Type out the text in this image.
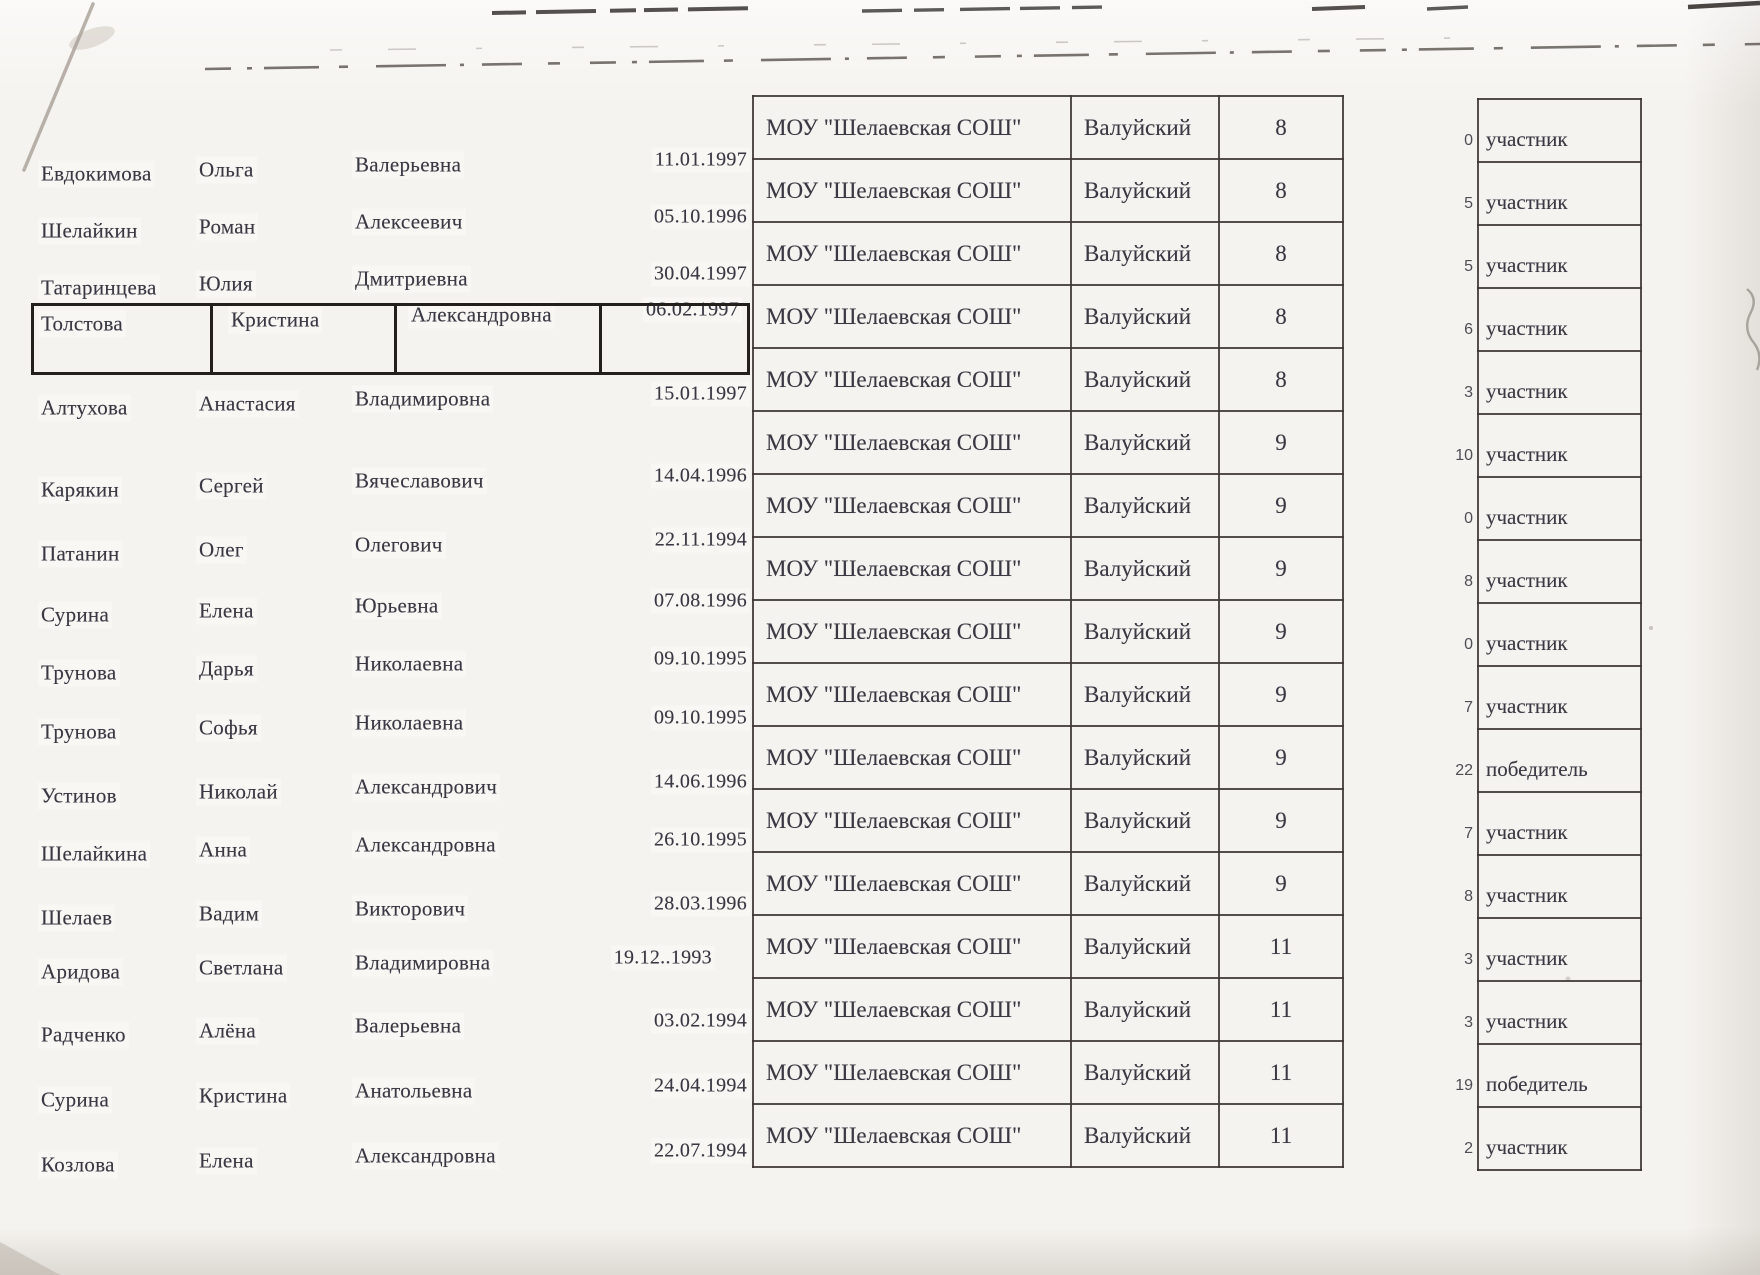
Евдокимова Ольга	Валерьевна	11.01.1997
Шелайкин	Роман	Алексеевич	05.10.1996
Татаринцева Юлия	Дмитриевна	30.04.1997
Толстова	Кристина	Александровна	06.02.1997
Алтухова	Анастасия	Владимировна	15.01.1997
Карякин	Сергей	Вячеславович	14.04.1996
Патанин	Олег	Олегович	22.11.1994
Сурина	Елена	Юрьевна	07.08.1996
Трунова	Дарья	Николаевна	09.10.1995
Трунова	Софья	Николаевна	09.10.1995
Устинов	Николай	Александрович	14.06.1996
Шелайкина Анна	Александровна	26.10.1995
Шелаев	Вадим	Викторович	28.03.1996
Аридова	Светлана	Владимировна	19.12..1993
Радченко	Алёна	Валерьевна	03.02.1994
Сурина	Кристина	Анатольевна	24.04.1994
Козлова	Елена	Александровна	22.07.1994
МОУ "Шелаевская СОШ"	Валуйский	8
МОУ "Шелаевская СОШ"	Валуйский	8
МОУ "Шелаевская СОШ"	Валуйский	8
МОУ "Шелаевская СОШ"	Валуйский	8
МОУ "Шелаевская СОШ"	Валуйский	8
МОУ "Шелаевская СОШ"	Валуйский	9
МОУ "Шелаевская СОШ"	Валуйский	9
МОУ "Шелаевская СОШ"	Валуйский	9
МОУ "Шелаевская СОШ"	Валуйский	9
МОУ "Шелаевская СОШ"	Валуйский	9
МОУ "Шелаевская СОШ"	Валуйский	9
МОУ "Шелаевская СОШ"	Валуйский	9
МОУ "Шелаевская СОШ"	Валуйский	9
МОУ "Шелаевская СОШ"	Валуйский	11
МОУ "Шелаевская СОШ"	Валуйский	11
МОУ "Шелаевская СОШ"	Валуйский	11
МОУ "Шелаевская СОШ"	Валуйский	11
0	участник
5	участник
5	участник
6	участник
3	участник
10	участник
0	участник
8	участник
0	участник
7	участник
22	победитель
7	участник
8	участник
3	участник
3	участник
19	победитель
2	участник
